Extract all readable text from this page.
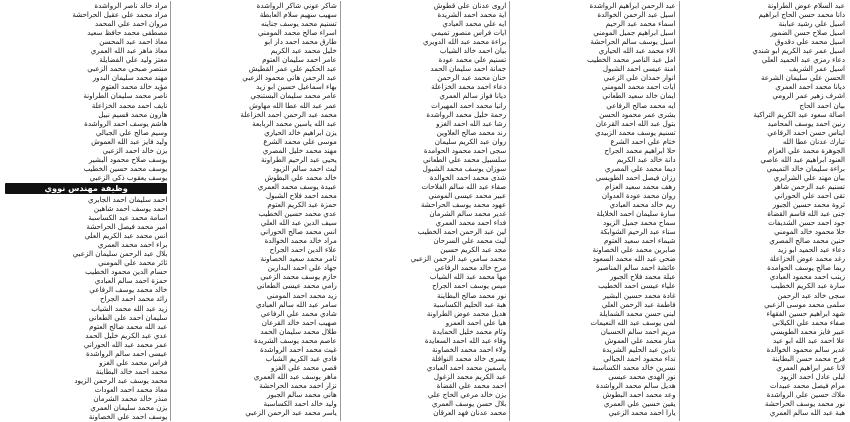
عبد السلام عوض الطراونة
دانا محمد حسن الحاج ابراهيم
اسيل علي رشيد عبابنة
اسيل صلاح حسن الضمور
اسيل محمد علي دقدوق
اسيل عمر عبد الكريم ابو شندي
دعاء رمزي عبد الحميد العلي
اسيل عمر الشريف
الحسن علي سليمان الشرعة
ديانا محمد احمد العمري
اشرف زهير عمر الرومي
بيان احمد الحاج
اصالة سعود عبد الكريم التراكية
رنين احمد يوسف المحاميد
ايناس حسن احمد الرفاعي
تبارك عدنان عطا الله
الجوهرة محمد علي العزام
العنود ابراهيم عبد الله عاصي
براءة سليمان خالد التميمي
بيان مهند علي الشرايري
تسنيم عبد الرحمن شاهر
تقى احمد علي الحوراني
ثروة محمد حسين الجبور
جنى عبد الله قاسم القضاة
جود احمد حسن الشديفات
حلا محمود خالد المومني
حنين محمد صالح المصري
دعاء عبد الحميد ابو زيد
رغد محمد عوض الخزاعلة
ريما صالح يوسف الحوامدة
زينب احمد محمود العبادي
سارة عبد الكريم الخطيب
سجى خالد عبد الرحمن
سلمى محمد موسى الزعبي
شهد ابراهيم حسين الفقهاء
صفاء محمد علي الكيلاني
عبير فايز محمد الطويسي
علا احمد عبد الله ابو عيد
غدير سالم محمود الخوالدة
فرح محمد حسن البطاينة
لانا عمر ابراهيم العمري
ليلى عادل احمد الزيود
مرام فيصل محمد عبيدات
ملاك حسين علي الرواشدة
نور محمد يوسف الحراحشة
هبة عبد الله سالم العمري
عبد الرحمن ابراهيم الرواشدة
اسيل عبد الرحمن الخوالدة
اسماء محمد عبد الرحيم
اسيل ابراهيم جميل المومني
اسيل يوسف سالم الحراحشة
الاء محمد عبد الله الحياري
امل عبد الناصر محمد الخطيب
امنة عيسى احمد الشبول
انوار حمدان علي الزعبي
ايات احمد محمد المومني
ايمان خالد سعيد الطعاني
ايه محمد صالح الرفاعي
بشرى عمر محمود الحسن
بتول عبد الله احمد القرعان
تسنيم يوسف محمد الزبيدي
ختام علي احمد الشرع
حلا ابراهيم محمد الجراح
دانة خالد عبد الكريم
ديما محمد علي المصري
رزان فيصل احمد الطويسي
رهف محمد سعيد العزام
روان محمد عودة العدوان
ريم خالد محمد العبادي
سارة سليمان احمد الخلايلة
سماح محمد جميل الزيود
سناء عبد الرحيم الشوابكة
شيماء احمد سعيد العتوم
صابرين محمد علي الخصاونة
ضحى عبد الله محمد السعود
عائشة احمد سالم المناصير
عبلة محمد فلاح الجبور
علياء عيسى احمد الخطيب
غادة محمد حسين البشير
فاطمة عبد الرحمن العلي
لبنى حسن محمد الشمايلة
لمى يوسف عبد الله النعيمات
مريم احمد سالم الحسبان
منار محمد علي العموش
نادين عبد الحليم الشريدة
نداء محمود احمد الجبالي
نسرين خالد محمد الكساسبة
نور الهدى محمد عيسى
هديل سالم محمد الرواشدة
وعد محمد احمد البطوش
يقين حسين علي العمري
يارا احمد محمد الزعبي
اروى عدنان علي قطوش
اية محمد احمد الشريدة
ايه علي محمد العبادي
ايات فراس منصور تميمي
براءة محمد عبد الله الدويري
بيان احمد خالد الشياب
تسنيم علي محمد عودة
جمانة احمد سليمان الحمد
حنان محمد عبد الرحمن
دعاء احمد محمد الخزاعلة
ديانا فواز سالم العمري
رانيا محمد احمد المهيرات
رحمة خليل محمد الرواشدة
رشا عبد الله احمد الغزو
رند محمد صالح العلاوين
روان عبد الكريم سليمان
سجى احمد محمود الحوامدة
سلسبيل محمد علي الطعاني
سوزان يوسف محمد الشبول
شذى محمد احمد الخوالدة
صفاء عبد الله سالم الفلاحات
عبير محمد عيسى المومني
عهود محمد يوسف الحراحشة
غدير محمد سالم الشرمان
فداء احمد محمد العمري
لين عبد الرحمن احمد الخطيب
ليث محمد علي السرحان
مجد عبد الكريم حسين
محمد سامي عبد الرحمن الزعبي
مرح خالد محمد الرفاعي
مها محمد عبد الله الشياب
ميس يوسف احمد الجراح
نور محمد صالح البطاينة
هبة عبد الحليم الكساسبة
هديل محمد عوض الطراونة
هيا علي احمد العمرو
وئام محمد خليل الحمايدة
وفاء عبد الله احمد السعايدة
ولاء احمد محمد الخصاونة
يسرى خالد محمد النوافلة
ياسمين محمد احمد العبادي
عبد الكريم محمد الزغول
احمد محمد علي القضاة
يزن خالد مرعي الحاج علي
بلال حسن يوسف العمري
محمد عدنان فهد العرقان
شاكر عوني شاكر الرواشدة
سهيب سهيم سلام العابطة
تسنيم محمد يوسف جناينه
اسراء صالح محمد المومني
طارق محمد احمد دار ابو
خليل محمد عبد الكريم
عامر احمد سليمان العتوم
عبد الحكيم علي عمر القطيش
عبد الرحمن هاني محمود الزعبي
بهاء اسماعيل حسين ابو زيد
عامر محمد سليمان البستنجي
عمر عبد الله عطا الله مهاوش
محمد عبد الرحمن احمد الخزاعلة
عبد الله ياسين محمد الربابعة
يزن ابراهيم خالد الحياري
موسى علي محمد الشرع
مهند محمد خليل المصري
يحيى عبد الرحيم الطراونة
ليث احمد سالم الزيود
خالد محمد علي البطوش
عبيدة يوسف محمد العمري
محمد احمد فلاح الشبول
حمزة عبد الكريم العتوم
عدي محمد حسين الخطيب
سيف الدين عبد الله العلي
انس محمد صالح الحوراني
مراد خالد محمد الخوالدة
علاء الدين احمد الجراح
ثامر محمد سعيد الخصاونة
جهاد علي احمد البدارين
حازم يوسف محمد الزعبي
رامي محمد عيسى الطعاني
زيد محمد احمد المومني
سامر عبد الله سالم العبادي
شادي محمد علي الرفاعي
صهيب احمد خالد القرعان
طلال محمد سليمان الحمد
عاصم محمد يوسف الشريدة
غيث محمد احمد الرواشدة
فادي عبد الكريم الشياب
قصي محمد علي الغزو
ماهر يوسف عبد الله العمري
نزار احمد محمد الحراحشة
هاني محمد سالم الجبور
وليد خالد احمد الكساسبة
ياسر محمد عبد الرحمن الزعبي
مراد خالد ناصر الرواشدة
مراد محمد علي عقيل الحراحشة
مروان احمد علي المحمد
مصطفى محمد حافظ سعيد
معاذ احمد عبد المحسن
معاذ ماهر عبد الله العمري
معتز وليد علي الفضايلة
منتصر صبحي محمد الزعبي
مهند محمد سليمان البدور
مؤيد خالد محمد العتوم
ناصر محمد سليمان الطراونة
نايف احمد محمد الخزاعلة
هارون محمد قسيم نبيل
هاشم يوسف احمد الرواشدة
وسيم صالح علي الجبالي
وليد فايز عبد الله العموش
يزن خالد احمد الزعبي
يوسف صلاح محمود البشير
يوسف محمد حسين الخطيب
يوسف يعقوب ذكي الزعبي
وظيفة مهندس نووي
احمد سليمان احمد الجابري
احمد يوسف احمد شاهين
اسامة محمد عيد الكساسبة
امير محمد فيصل الحراحشة
انس محمد عبد الكريم العلي
براء احمد محمد العمري
بلال عبد الرحمن سليمان الزعبي
ثائر محمد علي المومني
حسام الدين محمود الخطيب
حمزة احمد سالم العبادي
خالد محمد يوسف الرفاعي
رائد محمد احمد الجراح
زيد عبد الله محمد الشياب
سليمان احمد علي الطعاني
عبد الله محمد صالح العتوم
عدي عبد الكريم خليل الحمد
عمر محمد عبد الله الحوراني
عيسى احمد سالم الرواشدة
فراس محمد علي الغزو
محمد احمد خالد البطاينة
محمد يوسف عبد الرحمن الزيود
معاذ محمد احمد العودات
منذر خالد محمد الشرمان
يزن محمد سليمان العمري
يوسف احمد علي الخصاونة
